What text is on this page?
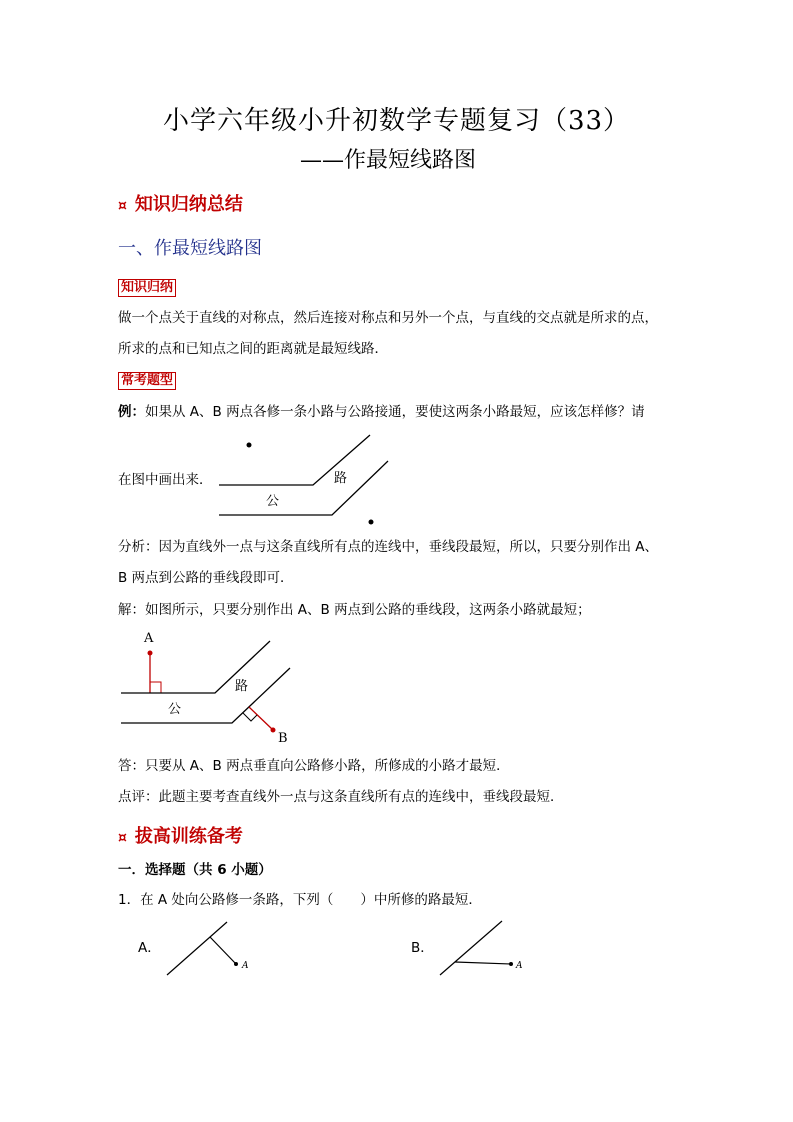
小学六年级小升初数学专题复习（33）
——作最短线路图
¤ 知识归纳总结
一、作最短线路图
知识归纳
做一个点关于直线的对称点，然后连接对称点和另外一个点，与直线的交点就是所求的点，
所求的点和已知点之间的距离就是最短线路．
常考题型
例：如果从 A、B 两点各修一条小路与公路接通，要使这两条小路最短，应该怎样修？请
在图中画出来．	路
公
分析：因为直线外一点与这条直线所有点的连线中，垂线段最短，所以，只要分别作出 A、
B 两点到公路的垂线段即可．
解：如图所示，只要分别作出 A、B 两点到公路的垂线段，这两条小路就最短；
A
B
路
公
答：只要从 A、B 两点垂直向公路修小路，所修成的小路才最短．
点评：此题主要考查直线外一点与这条直线所有点的连线中，垂线段最短．
¤ 拔高训练备考
一．选择题（共 6 小题）
1．在 A 处向公路修一条路，下列（　　）中所修的路最短．
A．	B．
A	A
